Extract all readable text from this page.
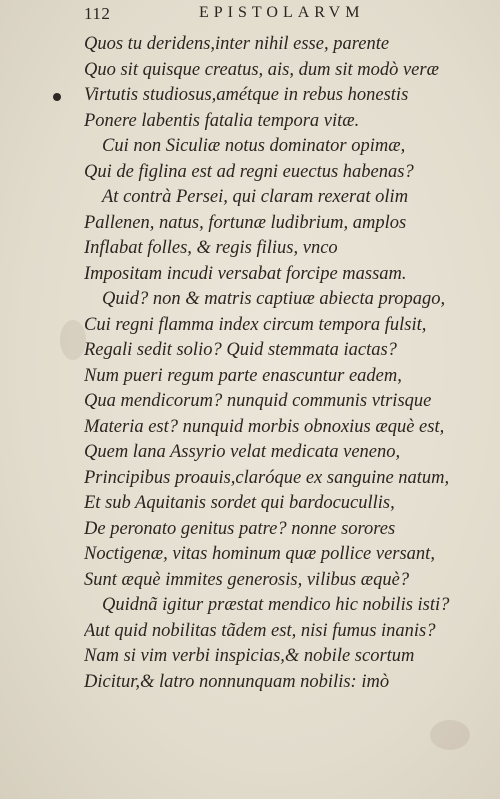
112	EPISTOLARVM
Quos tu deridens,inter nihil esse, parente
Quo sit quisque creatus, ais, dum sit modò veræ
Virtutis studiosus,amétque in rebus honestis
Ponere labentis fatalia tempora vitæ.
Cui non Siculiæ notus dominator opimæ,
Qui de figlina est ad regni euectus habenas?
At contrà Persei, qui claram rexerat olim
Pallenen, natus, fortunæ ludibrium, amplos
Inflabat folles, & regis filius, vnco
Impositam incudi versabat forcipe massam.
Quid? non & matris captiuæ abiecta propago,
Cui regni flamma index circum tempora fulsit,
Regali sedit solio? Quid stemmata iactas?
Num pueri regum parte enascuntur eadem,
Qua mendicorum? nunquid communis vtrisque
Materia est? nunquid morbis obnoxius æquè est,
Quem lana Assyrio velat medicata veneno,
Principibus proauis,claróque ex sanguine natum,
Et sub Aquitanis sordet qui bardocucullis,
De peronato genitus patre? nonne sorores
Noctigenæ, vitas hominum quæ pollice versant,
Sunt æquè immites generosis, vilibus æquè?
Quidnã igitur præstat mendico hic nobilis isti?
Aut quid nobilitas tãdem est, nisi fumus inanis?
Nam si vim verbi inspicias,& nobile scortum
Dicitur,& latro nonnunquam nobilis: imò
